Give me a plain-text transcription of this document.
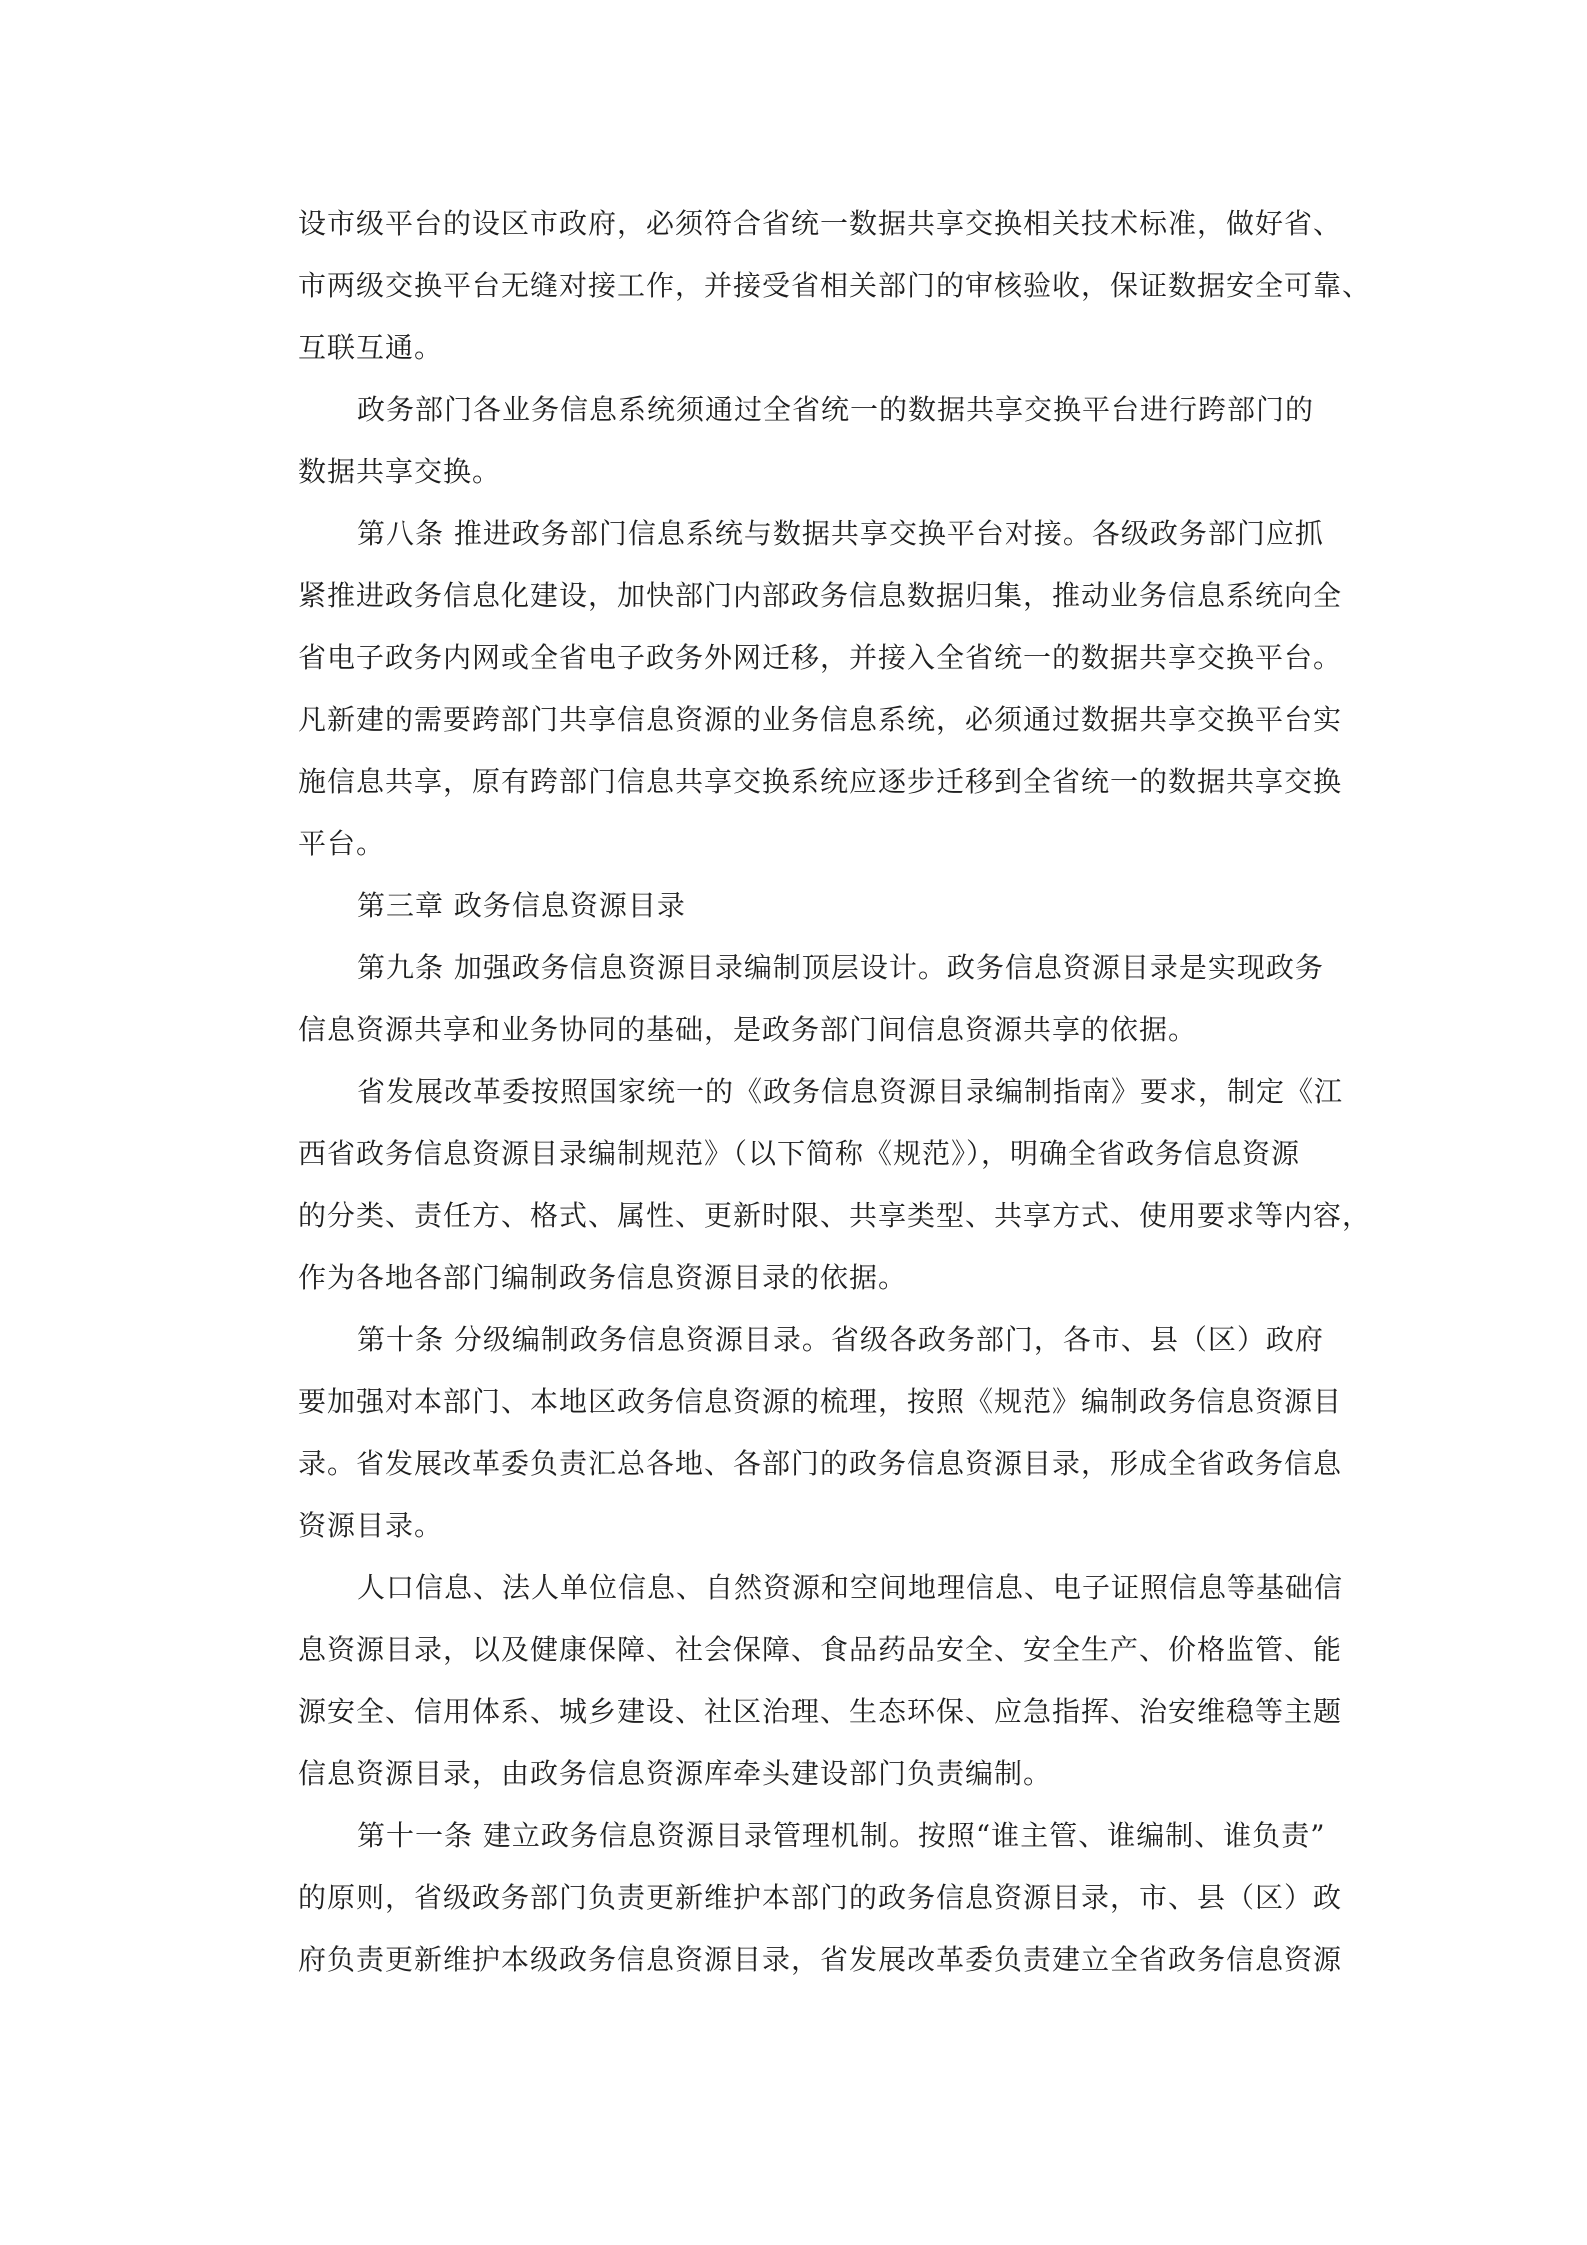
设市级平台的设区市政府，必须符合省统一数据共享交换相关技术标准，做好省、
市两级交换平台无缝对接工作，并接受省相关部门的审核验收，保证数据安全可靠、
互联互通。
政务部门各业务信息系统须通过全省统一的数据共享交换平台进行跨部门的
数据共享交换。
第八条 推进政务部门信息系统与数据共享交换平台对接。各级政务部门应抓
紧推进政务信息化建设，加快部门内部政务信息数据归集，推动业务信息系统向全
省电子政务内网或全省电子政务外网迁移，并接入全省统一的数据共享交换平台。
凡新建的需要跨部门共享信息资源的业务信息系统，必须通过数据共享交换平台实
施信息共享，原有跨部门信息共享交换系统应逐步迁移到全省统一的数据共享交换
平台。
第三章 政务信息资源目录
第九条 加强政务信息资源目录编制顶层设计。政务信息资源目录是实现政务
信息资源共享和业务协同的基础，是政务部门间信息资源共享的依据。
省发展改革委按照国家统一的《政务信息资源目录编制指南》要求，制定《江
西省政务信息资源目录编制规范》（以下简称《规范》），明确全省政务信息资源
的分类、责任方、格式、属性、更新时限、共享类型、共享方式、使用要求等内容，
作为各地各部门编制政务信息资源目录的依据。
第十条 分级编制政务信息资源目录。省级各政务部门，各市、县（区）政府
要加强对本部门、本地区政务信息资源的梳理，按照《规范》编制政务信息资源目
录。省发展改革委负责汇总各地、各部门的政务信息资源目录，形成全省政务信息
资源目录。
人口信息、法人单位信息、自然资源和空间地理信息、电子证照信息等基础信
息资源目录，以及健康保障、社会保障、食品药品安全、安全生产、价格监管、能
源安全、信用体系、城乡建设、社区治理、生态环保、应急指挥、治安维稳等主题
信息资源目录，由政务信息资源库牵头建设部门负责编制。
第十一条 建立政务信息资源目录管理机制。按照“谁主管、谁编制、谁负责”
的原则，省级政务部门负责更新维护本部门的政务信息资源目录，市、县（区）政
府负责更新维护本级政务信息资源目录，省发展改革委负责建立全省政务信息资源
